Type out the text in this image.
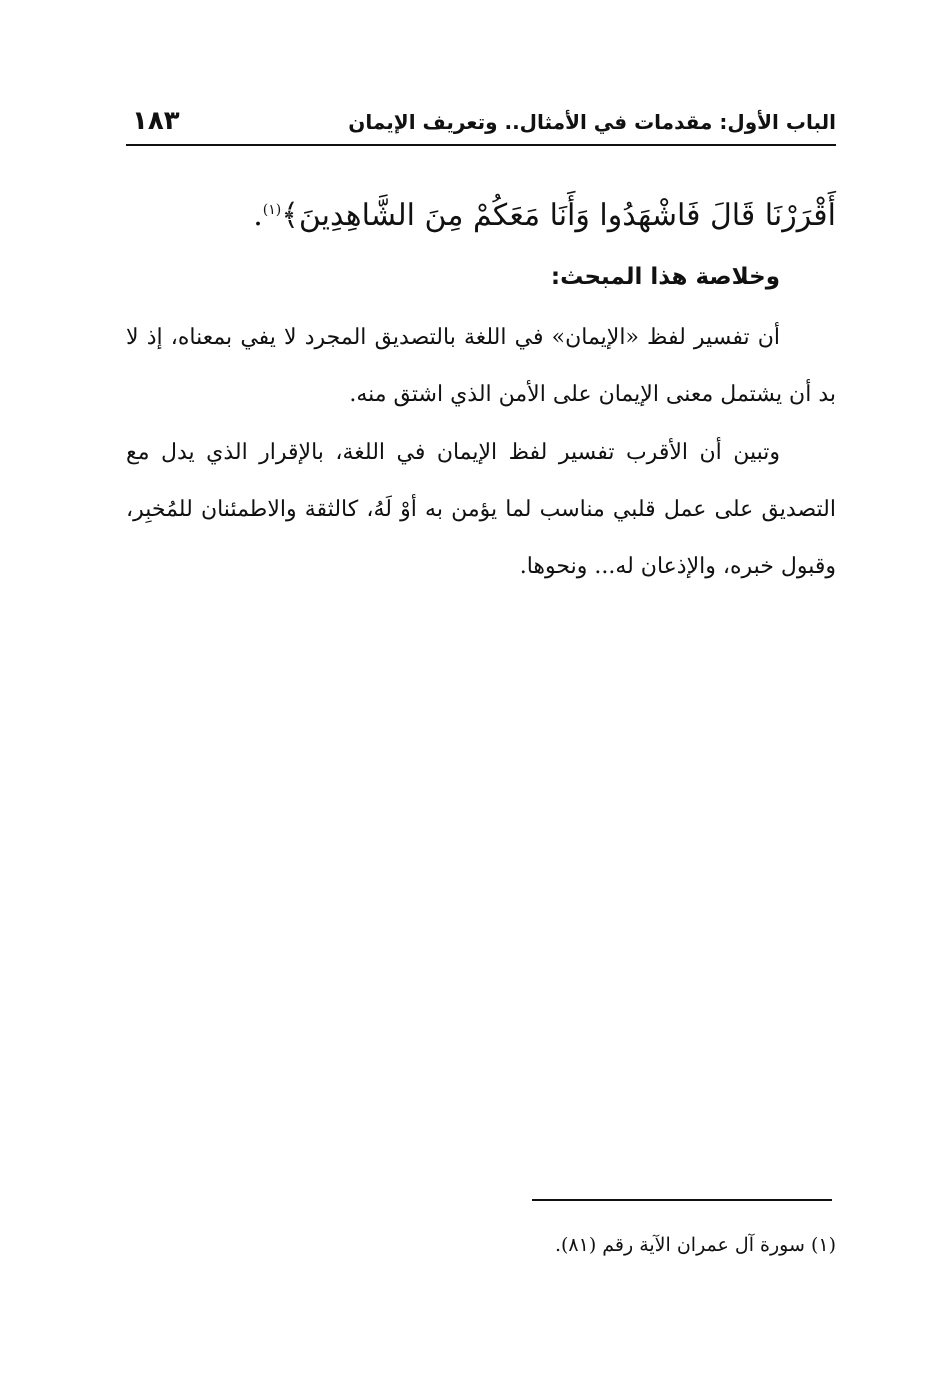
١٨٣	الباب الأول: مقدمات في الأمثال.. وتعريف الإيمان
أَقْرَرْنَا قَالَ فَاشْهَدُوا وَأَنَا مَعَكُمْ مِنَ الشَّاهِدِينَ﴾$^{(١)}$.
وخلاصة هذا المبحث:

أن تفسير لفظ «الإيمان» في اللغة بالتصديق المجرد لا يفي بمعناه، إذ لا بد أن يشتمل معنى الإيمان على الأمن الذي اشتق منه.

وتبين أن الأقرب تفسير لفظ الإيمان في اللغة، بالإقرار الذي يدل مع التصديق على عمل قلبي مناسب لما يؤمن به أوْ لَهُ، كالثقة والاطمئنان للمُخبِر، وقبول خبره، والإذعان له... ونحوها.

(١) سورة آل عمران الآية رقم (٨١).
